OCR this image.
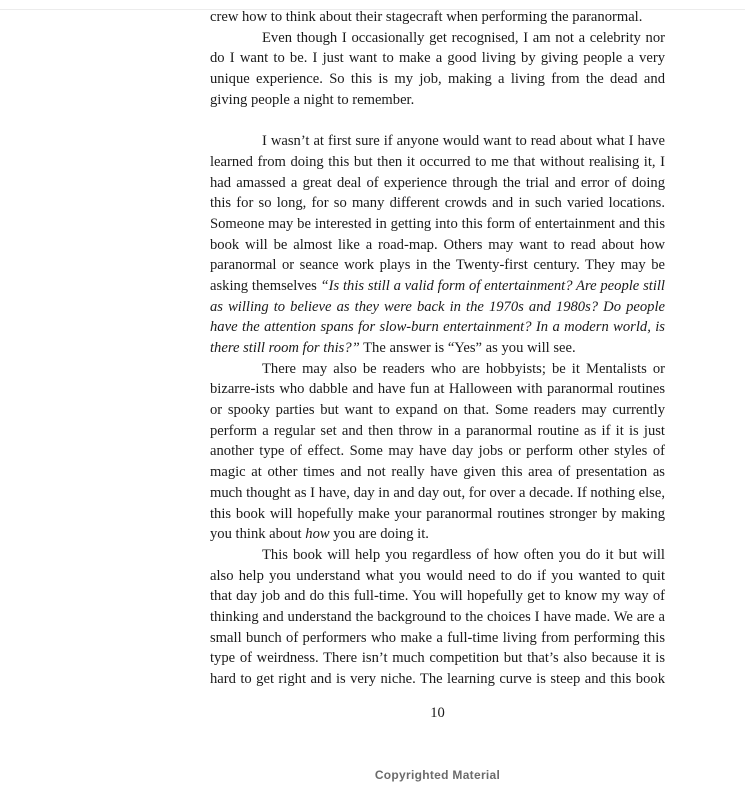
crew how to think about their stagecraft when performing the paranormal.
Even though I occasionally get recognised, I am not a celebrity nor
do I want to be. I just want to make a good living by giving people a very
unique experience. So this is my job, making a living from the dead and
giving people a night to remember.
I wasn’t at first sure if anyone would want to read about what I have
learned from doing this but then it occurred to me that without realising it, I
had amassed a great deal of experience through the trial and error of doing
this for so long, for so many different crowds and in such varied locations.
Someone may be interested in getting into this form of entertainment and this
book will be almost like a road-map. Others may want to read about how
paranormal or seance work plays in the Twenty-first century. They may be
asking themselves “Is this still a valid form of entertainment? Are people still
as willing to believe as they were back in the 1970s and 1980s? Do people
have the attention spans for slow-burn entertainment? In a modern world, is
there still room for this?” The answer is “Yes” as you will see.
There may also be readers who are hobbyists; be it Mentalists or
bizarre-ists who dabble and have fun at Halloween with paranormal routines
or spooky parties but want to expand on that. Some readers may currently
perform a regular set and then throw in a paranormal routine as if it is just
another type of effect. Some may have day jobs or perform other styles of
magic at other times and not really have given this area of presentation as
much thought as I have, day in and day out, for over a decade. If nothing else,
this book will hopefully make your paranormal routines stronger by making
you think about how you are doing it.
This book will help you regardless of how often you do it but will
also help you understand what you would need to do if you wanted to quit
that day job and do this full-time. You will hopefully get to know my way of
thinking and understand the background to the choices I have made. We are a
small bunch of performers who make a full-time living from performing this
type of weirdness. There isn’t much competition but that’s also because it is
hard to get right and is very niche. The learning curve is steep and this book
10
Copyrighted Material
